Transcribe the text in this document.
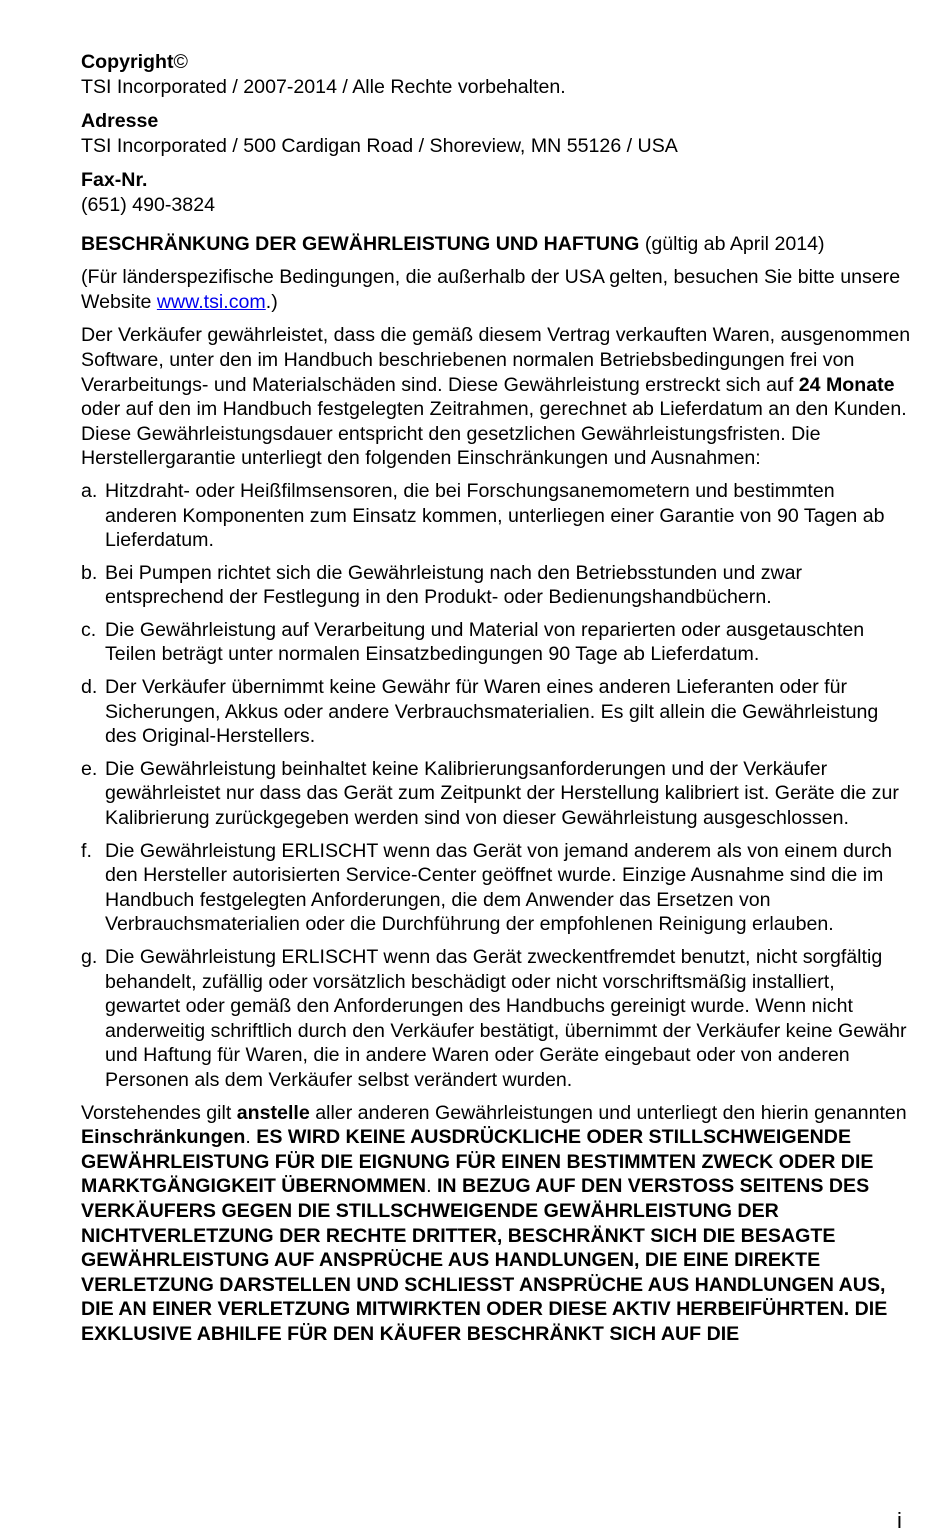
Copyright©
TSI Incorporated / 2007-2014 / Alle Rechte vorbehalten.

Adresse
TSI Incorporated / 500 Cardigan Road / Shoreview, MN 55126 / USA

Fax-Nr.
(651) 490-3824

BESCHRÄNKUNG DER GEWÄHRLEISTUNG UND HAFTUNG (gültig ab April 2014)

(Für länderspezifische Bedingungen, die außerhalb der USA gelten, besuchen Sie bitte unsere Website www.tsi.com.)

Der Verkäufer gewährleistet, dass die gemäß diesem Vertrag verkauften Waren, ausgenommen Software, unter den im Handbuch beschriebenen normalen Betriebsbedingungen frei von Verarbeitungs- und Materialschäden sind. Diese Gewährleistung erstreckt sich auf 24 Monate oder auf den im Handbuch festgelegten Zeitrahmen, gerechnet ab Lieferdatum an den Kunden. Diese Gewährleistungsdauer entspricht den gesetzlichen Gewährleistungsfristen. Die Herstellergarantie unterliegt den folgenden Einschränkungen und Ausnahmen:

a. Hitzdraht- oder Heißfilmsensoren, die bei Forschungsanemometern und bestimmten anderen Komponenten zum Einsatz kommen, unterliegen einer Garantie von 90 Tagen ab Lieferdatum.
b. Bei Pumpen richtet sich die Gewährleistung nach den Betriebsstunden und zwar entsprechend der Festlegung in den Produkt- oder Bedienungshandbüchern.
c. Die Gewährleistung auf Verarbeitung und Material von reparierten oder ausgetauschten Teilen beträgt unter normalen Einsatzbedingungen 90 Tage ab Lieferdatum.
d. Der Verkäufer übernimmt keine Gewähr für Waren eines anderen Lieferanten oder für Sicherungen, Akkus oder andere Verbrauchsmaterialien. Es gilt allein die Gewährleistung des Original-Herstellers.
e. Die Gewährleistung beinhaltet keine Kalibrierungsanforderungen und der Verkäufer gewährleistet nur dass das Gerät zum Zeitpunkt der Herstellung kalibriert ist. Geräte die zur Kalibrierung zurückgegeben werden sind von dieser Gewährleistung ausgeschlossen.
f. Die Gewährleistung ERLISCHT wenn das Gerät von jemand anderem als von einem durch den Hersteller autorisierten Service-Center geöffnet wurde. Einzige Ausnahme sind die im Handbuch festgelegten Anforderungen, die dem Anwender das Ersetzen von Verbrauchsmaterialien oder die Durchführung der empfohlenen Reinigung erlauben.
g. Die Gewährleistung ERLISCHT wenn das Gerät zweckentfremdet benutzt, nicht sorgfältig behandelt, zufällig oder vorsätzlich beschädigt oder nicht vorschriftsmäßig installiert, gewartet oder gemäß den Anforderungen des Handbuchs gereinigt wurde. Wenn nicht anderweitig schriftlich durch den Verkäufer bestätigt, übernimmt der Verkäufer keine Gewähr und Haftung für Waren, die in andere Waren oder Geräte eingebaut oder von anderen Personen als dem Verkäufer selbst verändert wurden.

Vorstehendes gilt anstelle aller anderen Gewährleistungen und unterliegt den hierin genannten Einschränkungen. ES WIRD KEINE AUSDRÜCKLICHE ODER STILLSCHWEIGENDE GEWÄHRLEISTUNG FÜR DIE EIGNUNG FÜR EINEN BESTIMMTEN ZWECK ODER DIE MARKTGÄNGIGKEIT ÜBERNOMMEN. IN BEZUG AUF DEN VERSTOSS SEITENS DES VERKÄUFERS GEGEN DIE STILLSCHWEIGENDE GEWÄHRLEISTUNG DER NICHTVERLETZUNG DER RECHTE DRITTER, BESCHRÄNKT SICH DIE BESAGTE GEWÄHRLEISTUNG AUF ANSPRÜCHE AUS HANDLUNGEN, DIE EINE DIREKTE VERLETZUNG DARSTELLEN UND SCHLIESST ANSPRÜCHE AUS HANDLUNGEN AUS, DIE AN EINER VERLETZUNG MITWIRKTEN ODER DIESE AKTIV HERBEIFÜHRTEN. DIE EXKLUSIVE ABHILFE FÜR DEN KÄUFER BESCHRÄNKT SICH AUF DIE

i
